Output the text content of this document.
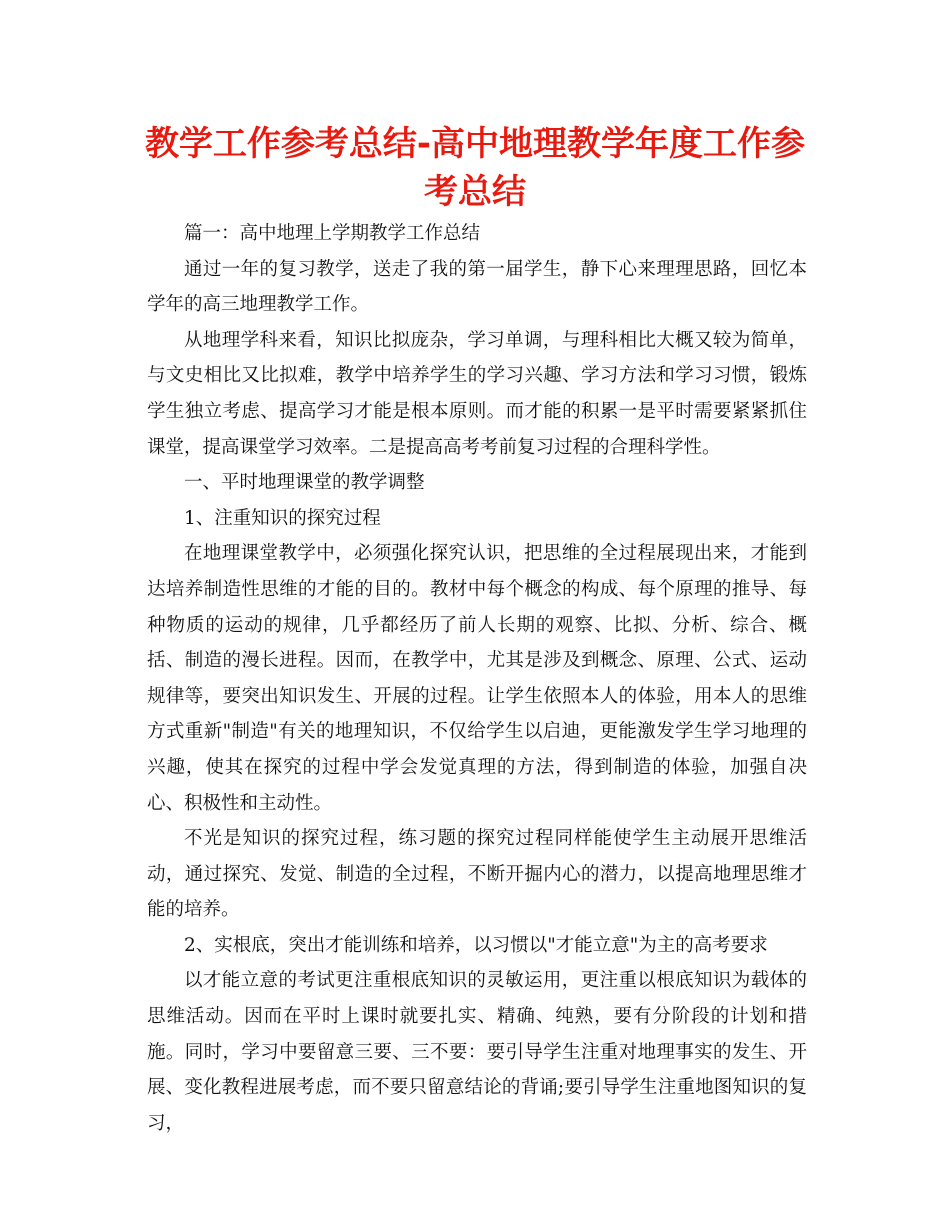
教学工作参考总结-高中地理教学年度工作参考总结

篇一：高中地理上学期教学工作总结

通过一年的复习教学，送走了我的第一届学生，静下心来理理思路，回忆本学年的高三地理教学工作。

从地理学科来看，知识比拟庞杂，学习单调，与理科相比大概又较为简单，与文史相比又比拟难，教学中培养学生的学习兴趣、学习方法和学习习惯，锻炼学生独立考虑、提高学习才能是根本原则。而才能的积累一是平时需要紧紧抓住课堂，提高课堂学习效率。二是提高高考考前复习过程的合理科学性。

一、平时地理课堂的教学调整

1、注重知识的探究过程

在地理课堂教学中，必须强化探究认识，把思维的全过程展现出来，才能到达培养制造性思维的才能的目的。教材中每个概念的构成、每个原理的推导、每种物质的运动的规律，几乎都经历了前人长期的观察、比拟、分析、综合、概括、制造的漫长进程。因而，在教学中，尤其是涉及到概念、原理、公式、运动规律等，要突出知识发生、开展的过程。让学生依照本人的体验，用本人的思维方式重新"制造"有关的地理知识，不仅给学生以启迪，更能激发学生学习地理的兴趣，使其在探究的过程中学会发觉真理的方法，得到制造的体验，加强自决心、积极性和主动性。

不光是知识的探究过程，练习题的探究过程同样能使学生主动展开思维活动，通过探究、发觉、制造的全过程，不断开掘内心的潜力，以提高地理思维才能的培养。

2、实根底，突出才能训练和培养，以习惯以"才能立意"为主的高考要求

以才能立意的考试更注重根底知识的灵敏运用，更注重以根底知识为载体的思维活动。因而在平时上课时就要扎实、精确、纯熟，要有分阶段的计划和措施。同时，学习中要留意三要、三不要：要引导学生注重对地理事实的发生、开展、变化教程进展考虑，而不要只留意结论的背诵;要引导学生注重地图知识的复习，
